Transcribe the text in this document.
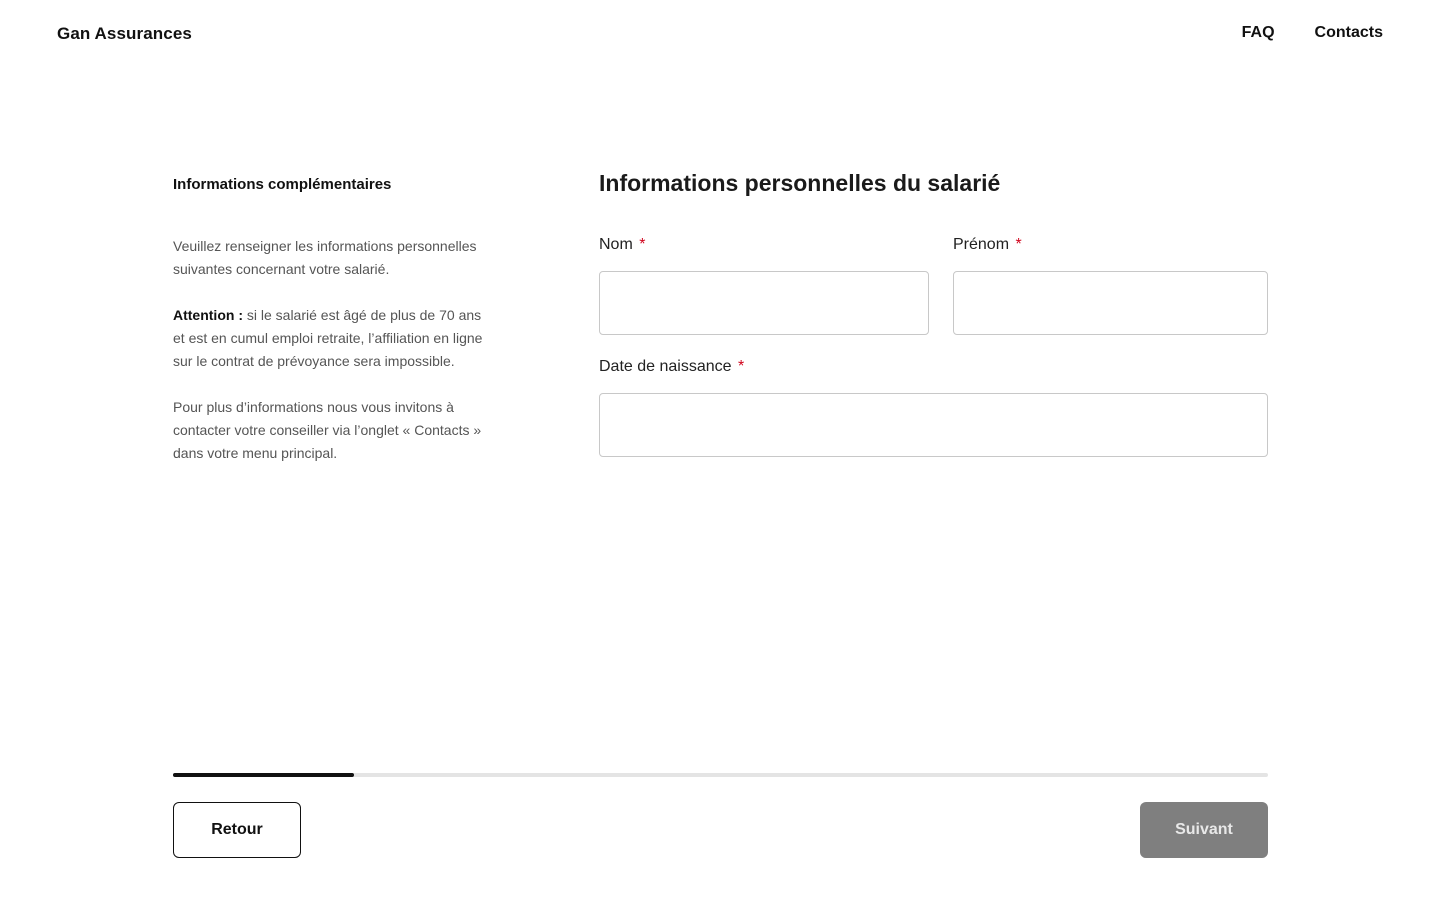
Gan Assurances	FAQ	Contacts
Informations complémentaires

Veuillez renseigner les informations personnelles suivantes concernant votre salarié.

Attention : si le salarié est âgé de plus de 70 ans et est en cumul emploi retraite, l’affiliation en ligne sur le contrat de prévoyance sera impossible.

Pour plus d’informations nous vous invitons à contacter votre conseiller via l’onglet « Contacts » dans votre menu principal.

Informations personnelles du salarié
Nom *	Prénom *
Date de naissance *
Retour	Suivant
